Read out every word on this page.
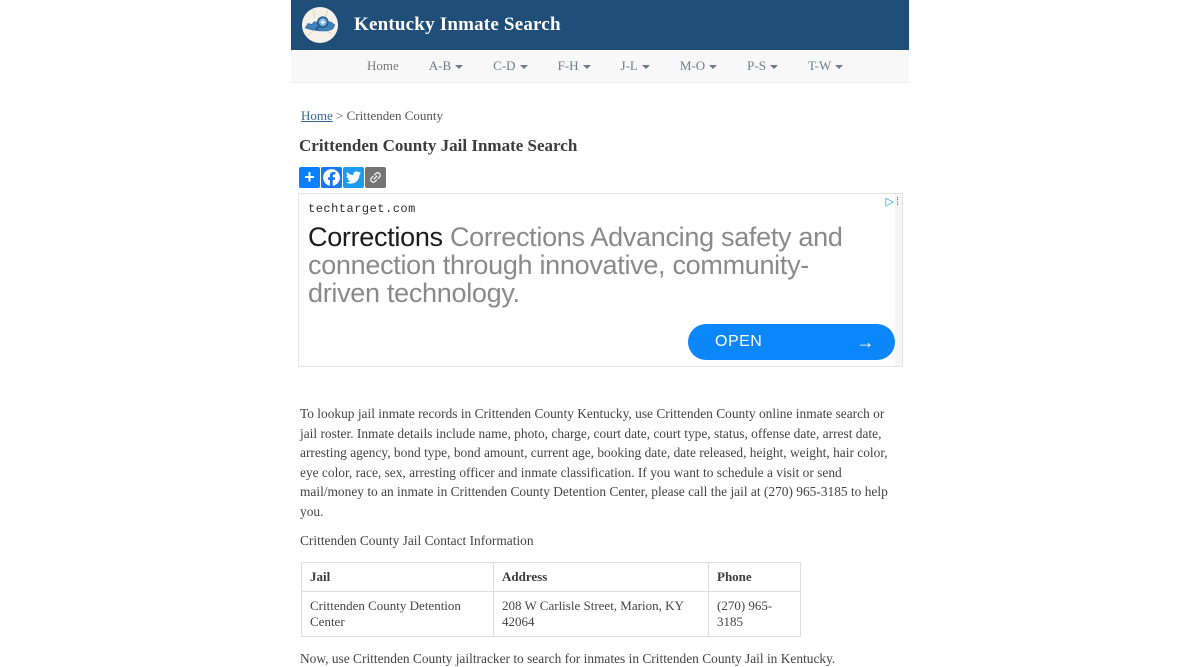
Kentucky Inmate Search
Home A-B	C-D	F-H	J-L	M-O	P-S	T-W
Home > Crittenden County
Crittenden County Jail Inmate Search
+
▷ ⁞
techtarget.com
Corrections Corrections Advancing safety and connection through innovative, community-driven technology.
OPEN	→

To lookup jail inmate records in Crittenden County Kentucky, use Crittenden County online inmate search or jail roster. Inmate details include name, photo, charge, court date, court type, status, offense date, arrest date, arresting agency, bond type, bond amount, current age, booking date, date released, height, weight, hair color, eye color, race, sex, arresting officer and inmate classification. If you want to schedule a visit or send mail/money to an inmate in Crittenden County Detention Center, please call the jail at (270) 965-3185 to help you.

Crittenden County Jail Contact Information

Jail	Address	Phone
Crittenden County Detention Center	208 W Carlisle Street, Marion, KY 42064	(270) 965-3185

Now, use Crittenden County jailtracker to search for inmates in Crittenden County Jail in Kentucky.
